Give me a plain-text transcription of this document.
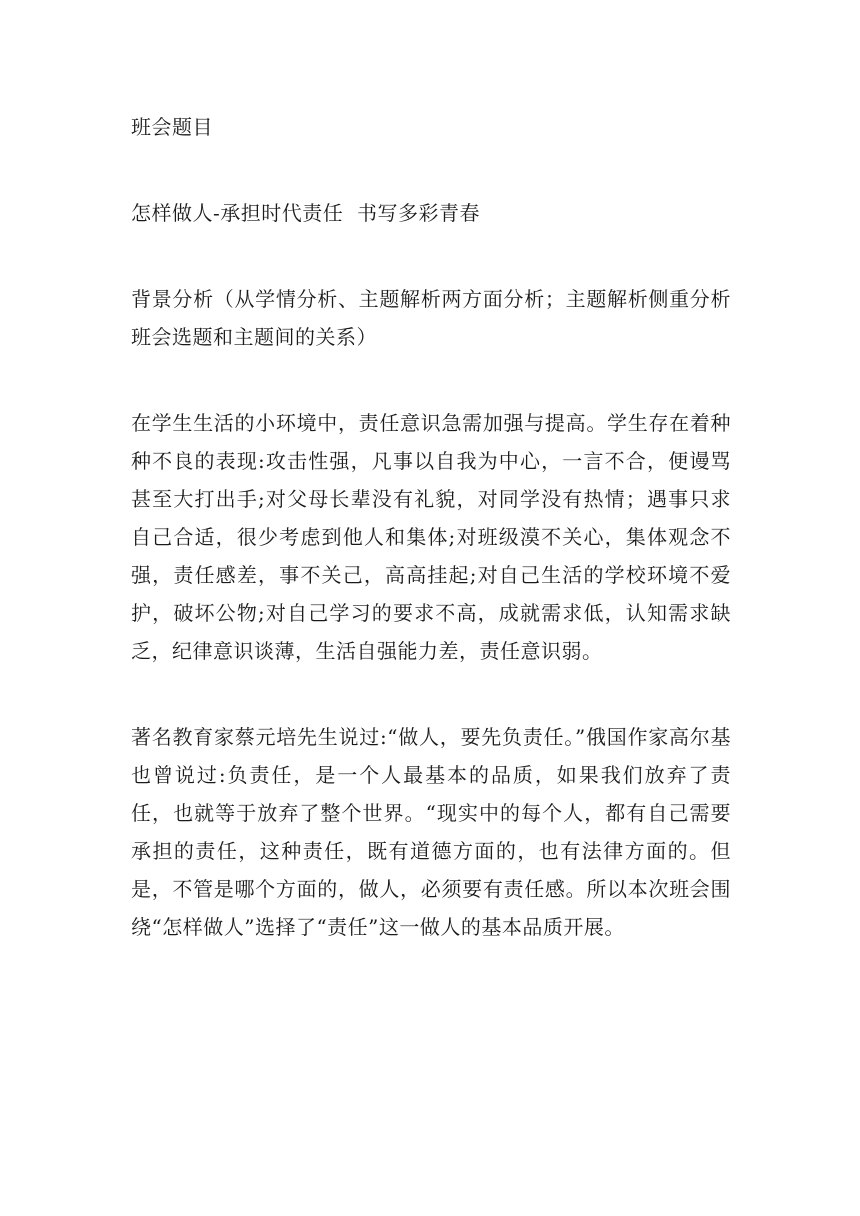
班会题目

怎样做人-承担时代责任  书写多彩青春

背景分析（从学情分析、主题解析两方面分析；主题解析侧重分析班会选题和主题间的关系）

在学生生活的小环境中，责任意识急需加强与提高。学生存在着种种不良的表现:攻击性强，凡事以自我为中心，一言不合，便谩骂甚至大打出手;对父母长辈没有礼貌，对同学没有热情；遇事只求自己合适，很少考虑到他人和集体;对班级漠不关心，集体观念不强，责任感差，事不关己，高高挂起;对自己生活的学校环境不爱护，破坏公物;对自己学习的要求不高，成就需求低，认知需求缺乏，纪律意识谈薄，生活自强能力差，责任意识弱。

著名教育家蔡元培先生说过:“做人，要先负责任。”俄国作家高尔基也曾说过:负责任，是一个人最基本的品质，如果我们放弃了责任，也就等于放弃了整个世界。“现实中的每个人，都有自己需要承担的责任，这种责任，既有道德方面的，也有法律方面的。但是，不管是哪个方面的，做人，必须要有责任感。所以本次班会围绕“怎样做人”选择了“责任”这一做人的基本品质开展。
